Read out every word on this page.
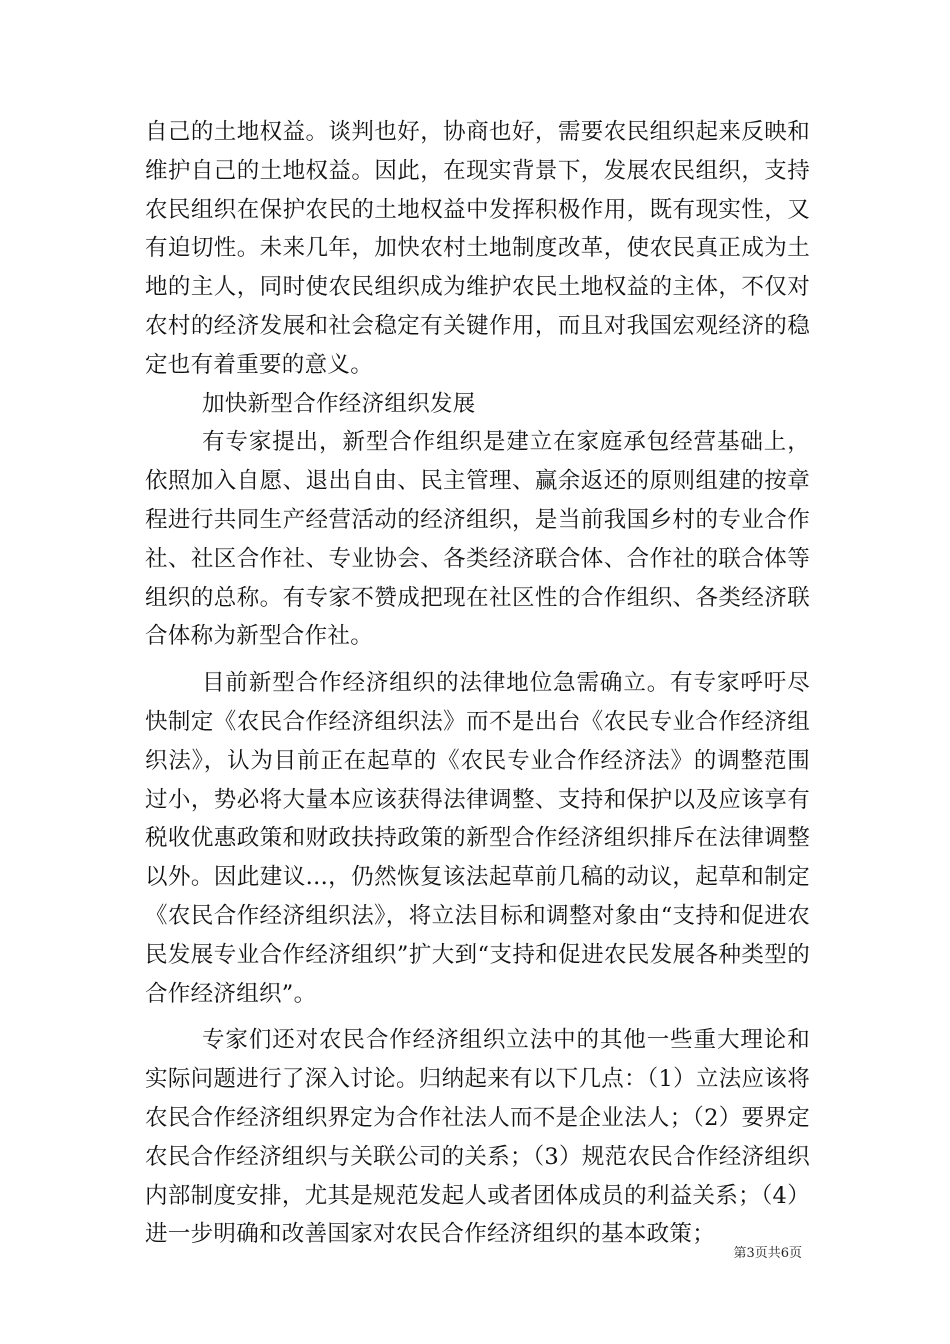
自己的土地权益。谈判也好，协商也好，需要农民组织起来反映和维护自己的土地权益。因此，在现实背景下，发展农民组织，支持农民组织在保护农民的土地权益中发挥积极作用，既有现实性，又有迫切性。未来几年，加快农村土地制度改革，使农民真正成为土地的主人，同时使农民组织成为维护农民土地权益的主体，不仅对农村的经济发展和社会稳定有关键作用，而且对我国宏观经济的稳定也有着重要的意义。

加快新型合作经济组织发展

有专家提出，新型合作组织是建立在家庭承包经营基础上，依照加入自愿、退出自由、民主管理、赢余返还的原则组建的按章程进行共同生产经营活动的经济组织，是当前我国乡村的专业合作社、社区合作社、专业协会、各类经济联合体、合作社的联合体等组织的总称。有专家不赞成把现在社区性的合作组织、各类经济联合体称为新型合作社。

目前新型合作经济组织的法律地位急需确立。有专家呼吁尽快制定《农民合作经济组织法》而不是出台《农民专业合作经济组织法》，认为目前正在起草的《农民专业合作经济法》的调整范围过小，势必将大量本应该获得法律调整、支持和保护以及应该享有税收优惠政策和财政扶持政策的新型合作经济组织排斥在法律调整以外。因此建议...，仍然恢复该法起草前几稿的动议，起草和制定《农民合作经济组织法》，将立法目标和调整对象由“支持和促进农民发展专业合作经济组织”扩大到“支持和促进农民发展各种类型的合作经济组织”。

专家们还对农民合作经济组织立法中的其他一些重大理论和实际问题进行了深入讨论。归纳起来有以下几点：（1）立法应该将农民合作经济组织界定为合作社法人而不是企业法人；（2）要界定农民合作经济组织与关联公司的关系；（3）规范农民合作经济组织内部制度安排，尤其是规范发起人或者团体成员的利益关系；（4）进一步明确和改善国家对农民合作经济组织的基本政策；

第3页共6页
